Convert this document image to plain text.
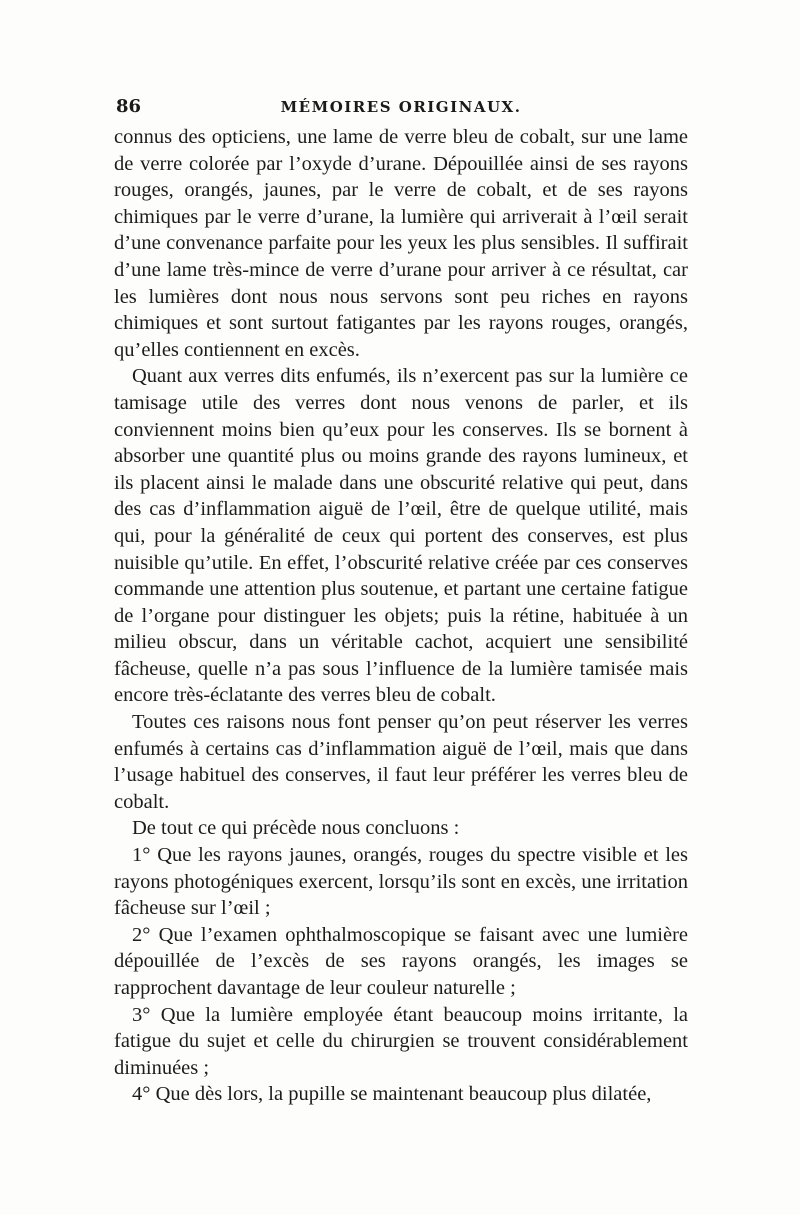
86	MÉMOIRES ORIGINAUX.

connus des opticiens, une lame de verre bleu de cobalt, sur une lame de verre colorée par l’oxyde d’urane. Dépouillée ainsi de ses rayons rouges, orangés, jaunes, par le verre de cobalt, et de ses rayons chimiques par le verre d’urane, la lumière qui arriverait à l’œil serait d’une convenance parfaite pour les yeux les plus sensibles. Il suffirait d’une lame très-mince de verre d’urane pour arriver à ce résultat, car les lumières dont nous nous servons sont peu riches en rayons chimiques et sont surtout fatigantes par les rayons rouges, orangés, qu’elles contiennent en excès.

Quant aux verres dits enfumés, ils n’exercent pas sur la lumière ce tamisage utile des verres dont nous venons de parler, et ils conviennent moins bien qu’eux pour les conserves. Ils se bornent à absorber une quantité plus ou moins grande des rayons lumineux, et ils placent ainsi le malade dans une obscurité relative qui peut, dans des cas d’inflammation aiguë de l’œil, être de quelque utilité, mais qui, pour la généralité de ceux qui portent des conserves, est plus nuisible qu’utile. En effet, l’obscurité relative créée par ces conserves commande une attention plus soutenue, et partant une certaine fatigue de l’organe pour distinguer les objets; puis la rétine, habituée à un milieu obscur, dans un véritable cachot, acquiert une sensibilité fâcheuse, quelle n’a pas sous l’influence de la lumière tamisée mais encore très-éclatante des verres bleu de cobalt.

Toutes ces raisons nous font penser qu’on peut réserver les verres enfumés à certains cas d’inflammation aiguë de l’œil, mais que dans l’usage habituel des conserves, il faut leur préférer les verres bleu de cobalt.

De tout ce qui précède nous concluons :

1° Que les rayons jaunes, orangés, rouges du spectre visible et les rayons photogéniques exercent, lorsqu’ils sont en excès, une irritation fâcheuse sur l’œil ;

2° Que l’examen ophthalmoscopique se faisant avec une lumière dépouillée de l’excès de ses rayons orangés, les images se rapprochent davantage de leur couleur naturelle ;

3° Que la lumière employée étant beaucoup moins irritante, la fatigue du sujet et celle du chirurgien se trouvent considérablement diminuées ;

4° Que dès lors, la pupille se maintenant beaucoup plus dilatée,
